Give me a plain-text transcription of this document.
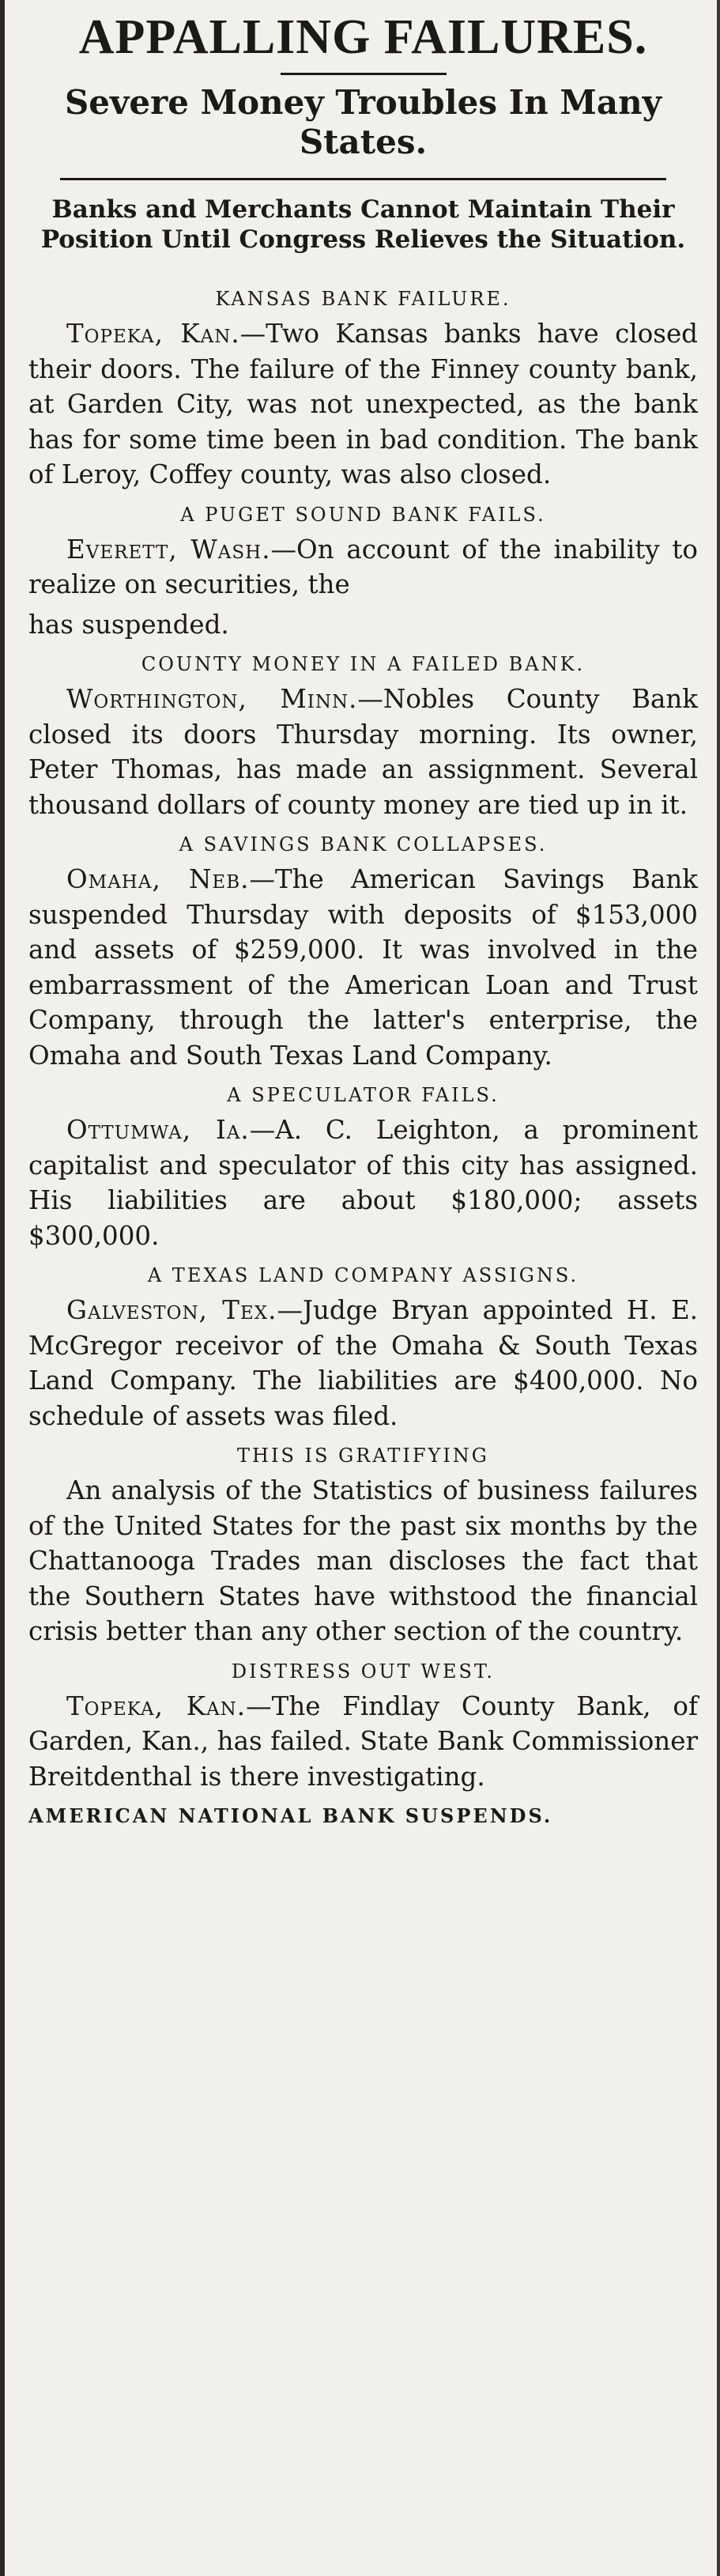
APPALLING FAILURES.
Severe Money Troubles In Many States.
Banks and Merchants Cannot Maintain Their Position Until Congress Relieves the Situation.
KANSAS BANK FAILURE.

Topeka, Kan.—Two Kansas banks have closed their doors. The failure of the Finney county bank, at Garden City, was not unexpected, as the bank has for some time been in bad condition. The bank of Leroy, Coffey county, was also closed.

A PUGET SOUND BANK FAILS.

Everett, Wash.—On account of the inability to realize on securities, the

has suspended.

COUNTY MONEY IN A FAILED BANK.

Worthington, Minn.—Nobles County Bank closed its doors Thursday morning. Its owner, Peter Thomas, has made an assignment. Several thousand dollars of county money are tied up in it.

A SAVINGS BANK COLLAPSES.

Omaha, Neb.—The American Savings Bank suspended Thursday with deposits of $153,000 and assets of $259,000. It was involved in the embarrassment of the American Loan and Trust Company, through the latter's enterprise, the Omaha and South Texas Land Company.

A SPECULATOR FAILS.

Ottumwa, Ia.—A. C. Leighton, a prominent capitalist and speculator of this city has assigned. His liabilities are about $180,000; assets $300,000.

A TEXAS LAND COMPANY ASSIGNS.

Galveston, Tex.—Judge Bryan appointed H. E. McGregor receivor of the Omaha & South Texas Land Company. The liabilities are $400,000. No schedule of assets was filed.

THIS IS GRATIFYING

An analysis of the Statistics of business failures of the United States for the past six months by the Chattanooga Trades man discloses the fact that the Southern States have withstood the financial crisis better than any other section of the country.

DISTRESS OUT WEST.

Topeka, Kan.—The Findlay County Bank, of Garden, Kan., has failed. State Bank Commissioner Breitdenthal is there investigating.

AMERICAN NATIONAL BANK SUSPENDS.
